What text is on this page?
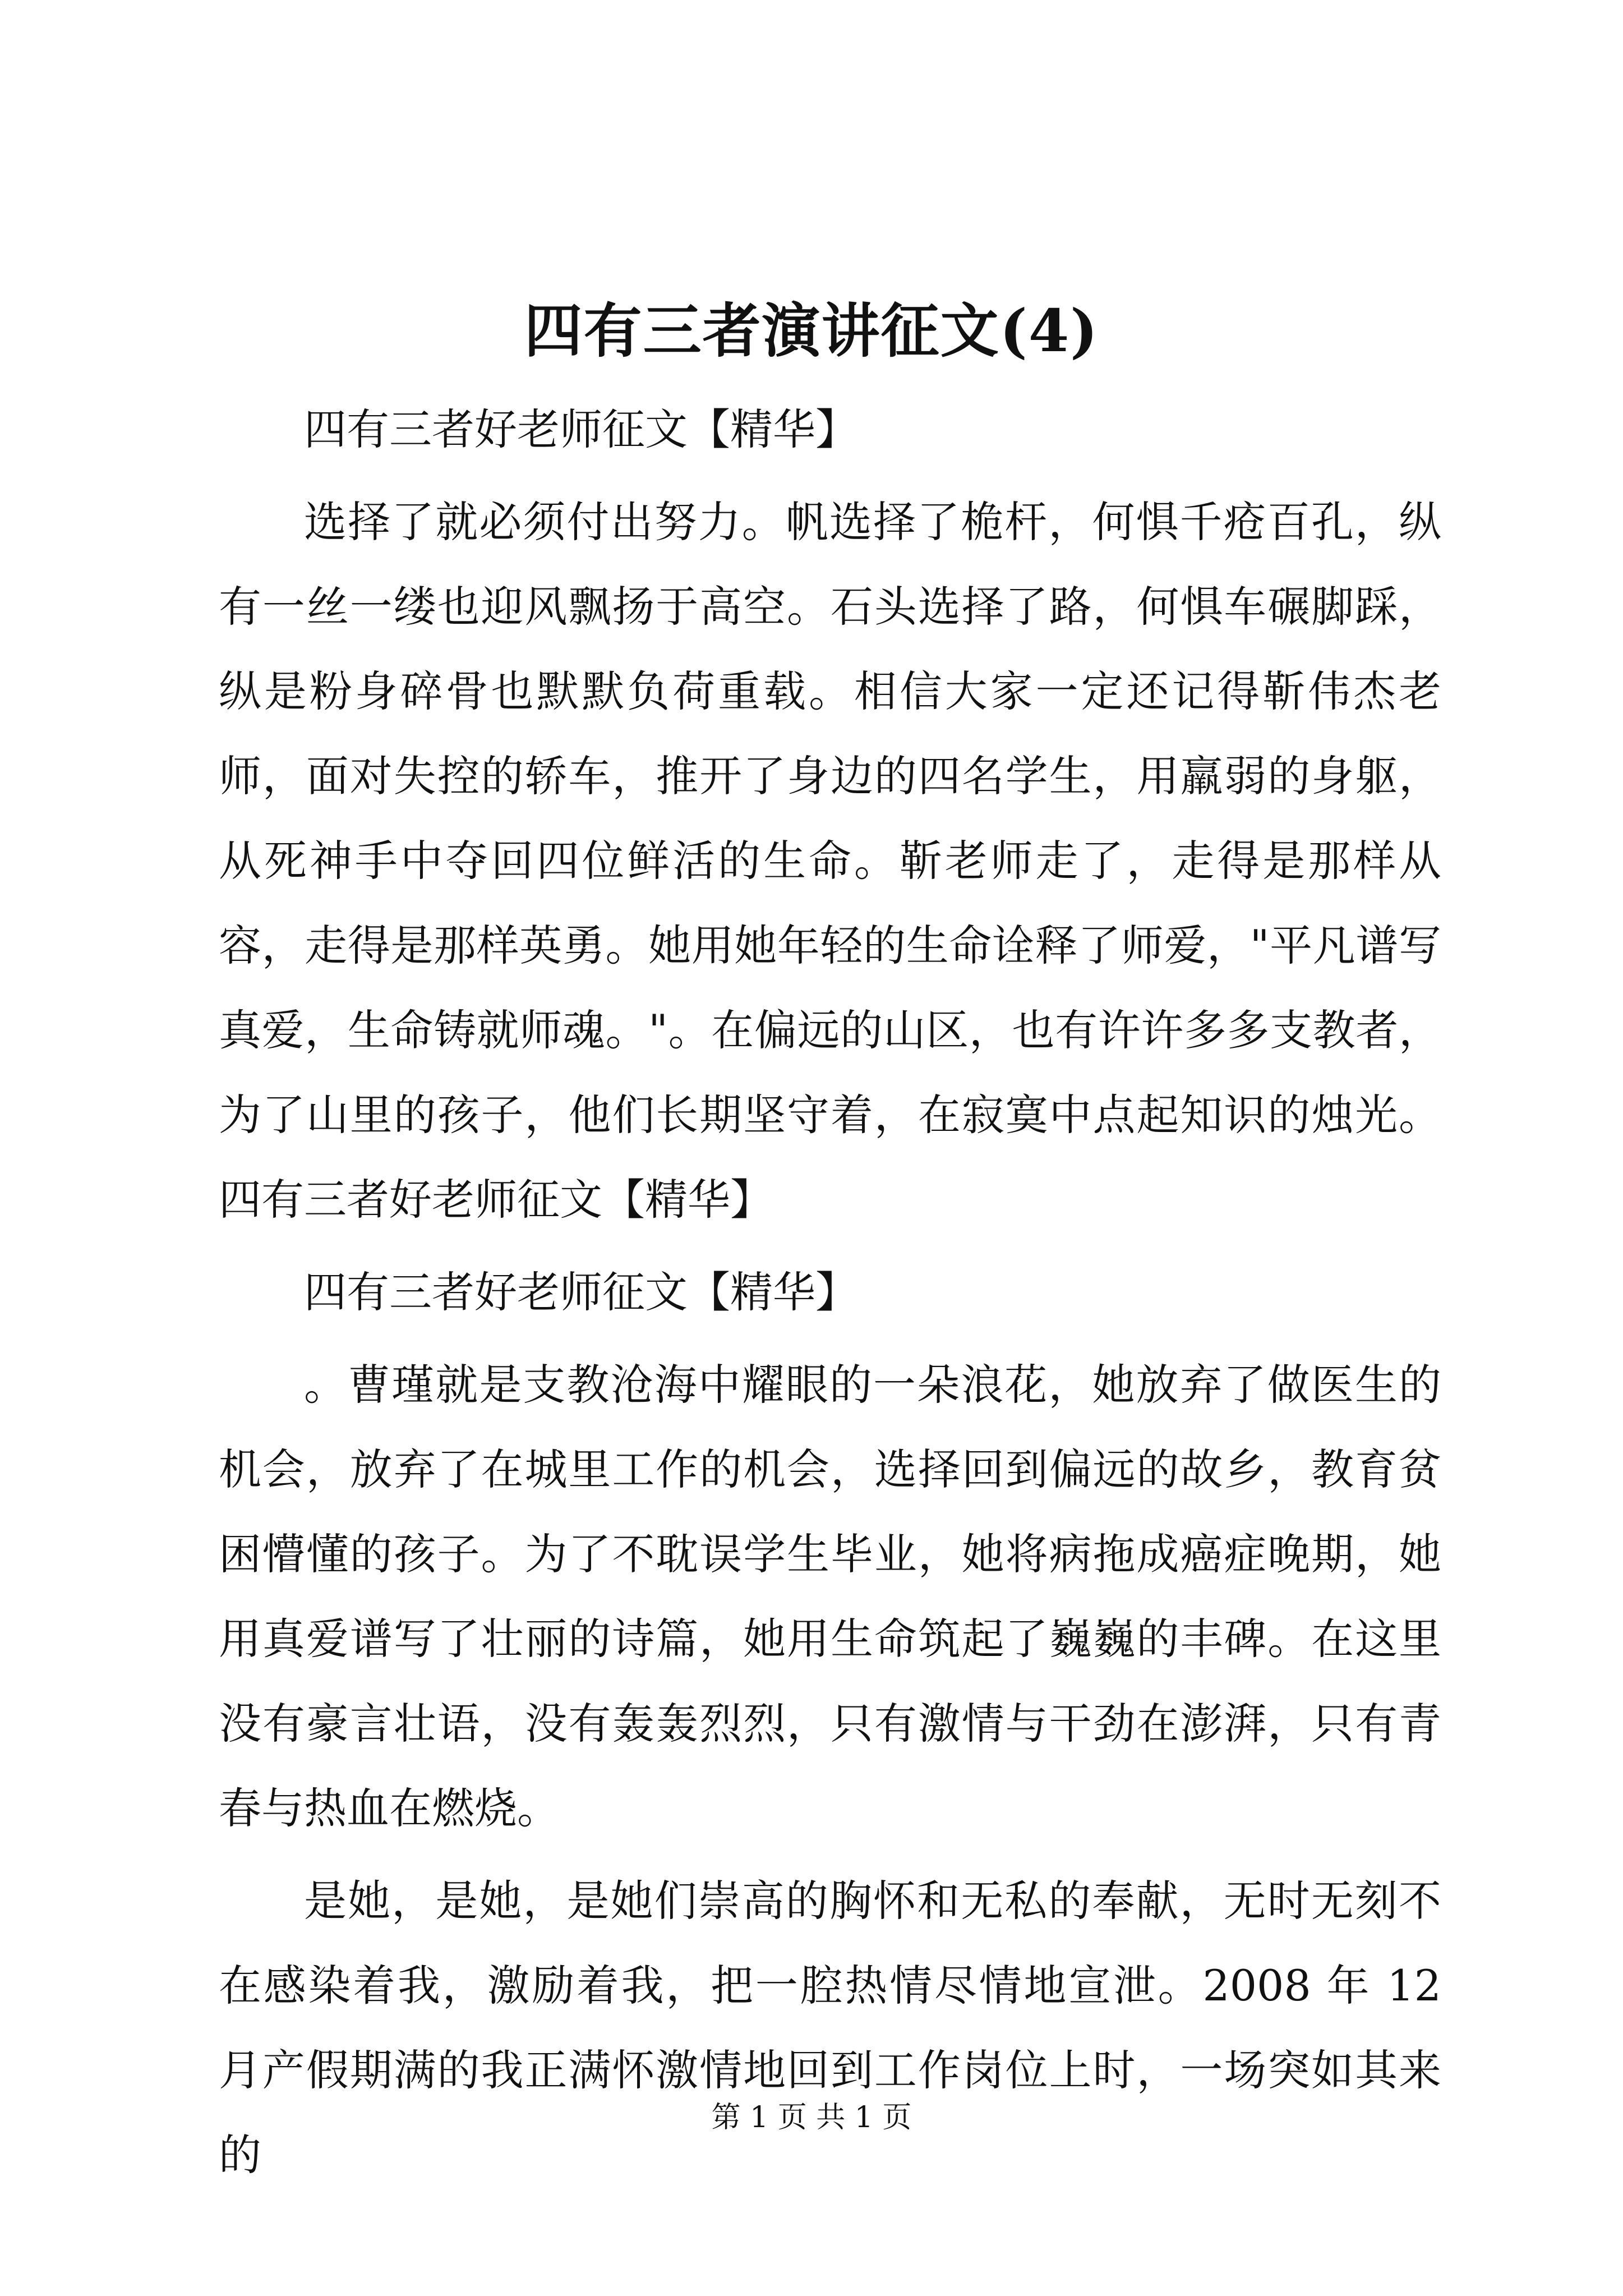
四有三者演讲征文(4)

四有三者好老师征文【精华】

选择了就必须付出努力。帆选择了桅杆，何惧千疮百孔，纵有一丝一缕也迎风飘扬于高空。石头选择了路，何惧车碾脚踩，纵是粉身碎骨也默默负荷重载。相信大家一定还记得靳伟杰老师，面对失控的轿车，推开了身边的四名学生，用羸弱的身躯，从死神手中夺回四位鲜活的生命。靳老师走了，走得是那样从容，走得是那样英勇。她用她年轻的生命诠释了师爱，"平凡谱写真爱，生命铸就师魂。"。在偏远的山区，也有许许多多支教者，为了山里的孩子，他们长期坚守着，在寂寞中点起知识的烛光。四有三者好老师征文【精华】

四有三者好老师征文【精华】

。曹瑾就是支教沧海中耀眼的一朵浪花，她放弃了做医生的机会，放弃了在城里工作的机会，选择回到偏远的故乡，教育贫困懵懂的孩子。为了不耽误学生毕业，她将病拖成癌症晚期，她用真爱谱写了壮丽的诗篇，她用生命筑起了巍巍的丰碑。在这里没有豪言壮语，没有轰轰烈烈，只有激情与干劲在澎湃，只有青春与热血在燃烧。

是她，是她，是她们崇高的胸怀和无私的奉献，无时无刻不在感染着我，激励着我，把一腔热情尽情地宣泄。2008 年 12 月产假期满的我正满怀激情地回到工作岗位上时，一场突如其来的

第 1 页 共 1 页
